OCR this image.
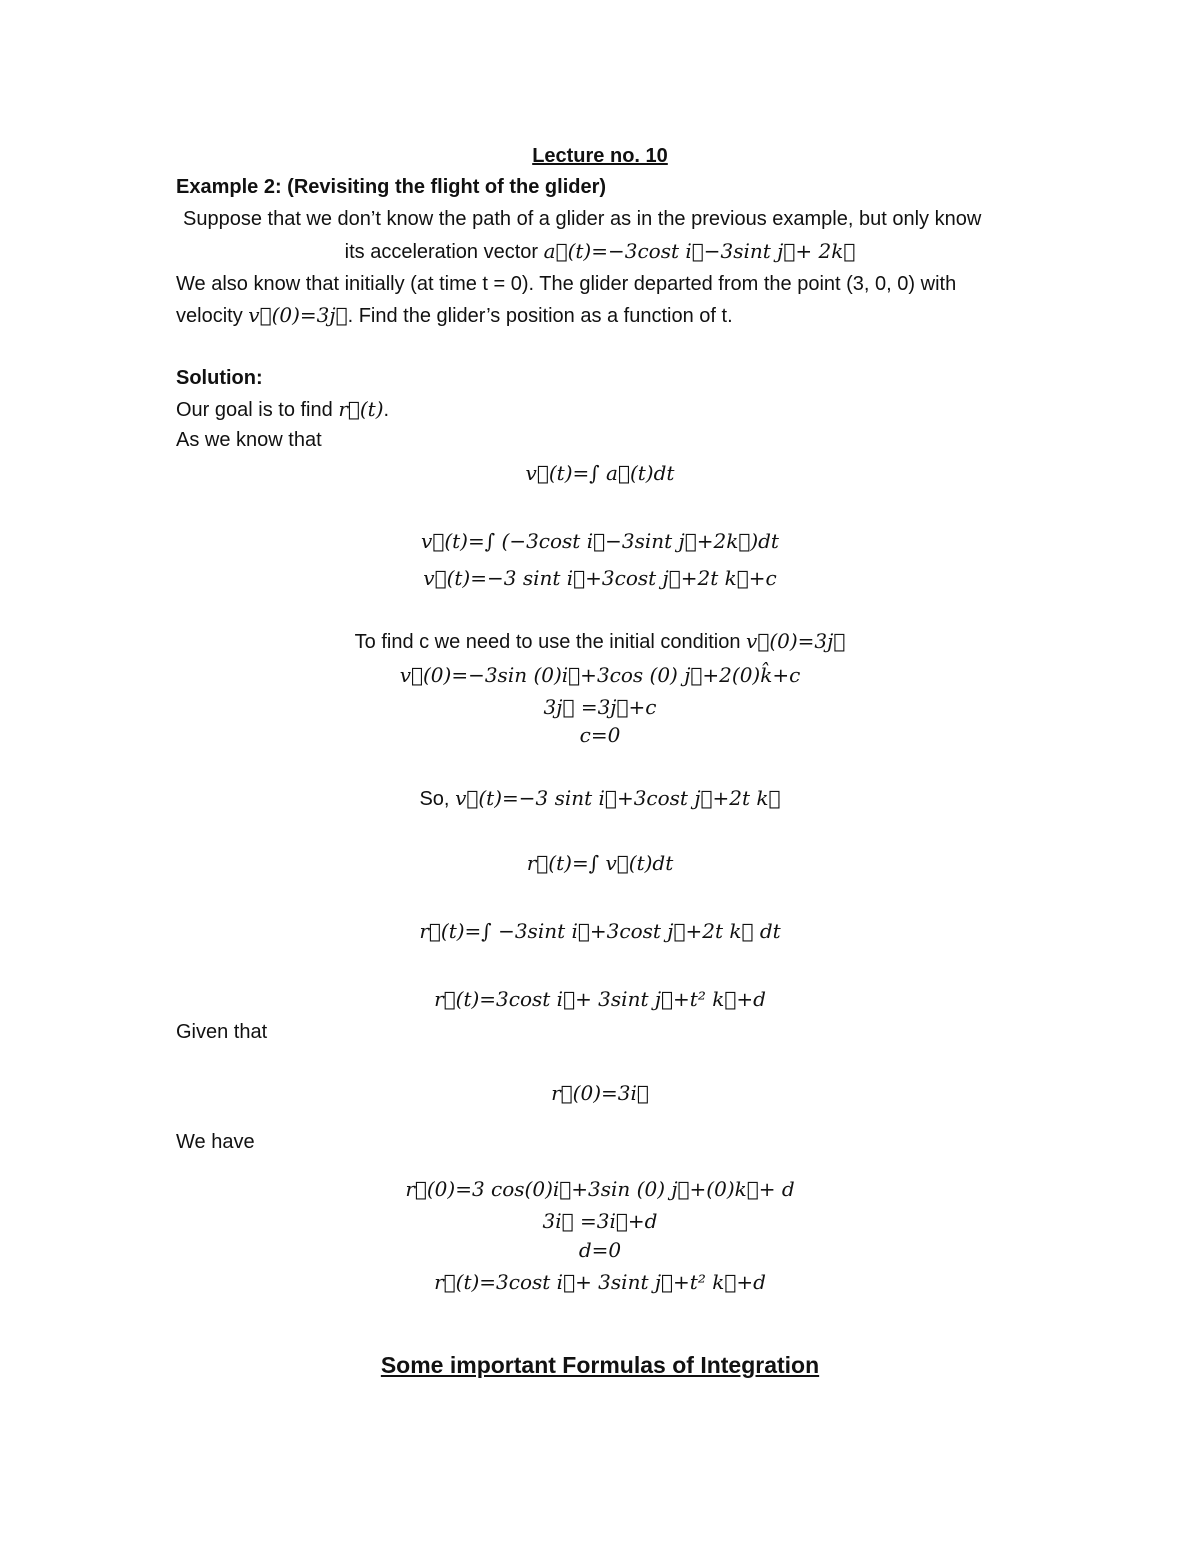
Lecture no. 10
Example 2: (Revisiting the flight of the glider)
Suppose that we don’t know the path of a glider as in the previous example, but only know
its acceleration vector a⃗(t)=−3cost i⃗−3sint j⃗+ 2k⃗
We also know that initially (at time t = 0). The glider departed from the point (3, 0, 0) with
velocity v⃗(0)=3j⃗. Find the glider’s position as a function of t.
Solution:
Our goal is to find r⃗(t).
As we know that
v⃗(t)=∫ a⃗(t)dt
v⃗(t)=∫ (−3cost i⃗−3sint j⃗+2k⃗)dt
v⃗(t)=−3 sint i⃗+3cost j⃗+2t k⃗+c
To find c we need to use the initial condition v⃗(0)=3j⃗
v⃗(0)=−3sin (0)i⃗+3cos (0) j⃗+2(0)k̂+c
3j⃗ =3j⃗+c
c=0
So, v⃗(t)=−3 sint i⃗+3cost j⃗+2t k⃗
r⃗(t)=∫ v⃗(t)dt
r⃗(t)=∫ −3sint i⃗+3cost j⃗+2t k⃗ dt
r⃗(t)=3cost i⃗+ 3sint j⃗+t² k⃗+d
Given that
r⃗(0)=3i⃗
We have
r⃗(0)=3 cos(0)i⃗+3sin (0) j⃗+(0)k⃗+ d
3i⃗ =3i⃗+d
d=0
r⃗(t)=3cost i⃗+ 3sint j⃗+t² k⃗+d
Some important Formulas of Integration
